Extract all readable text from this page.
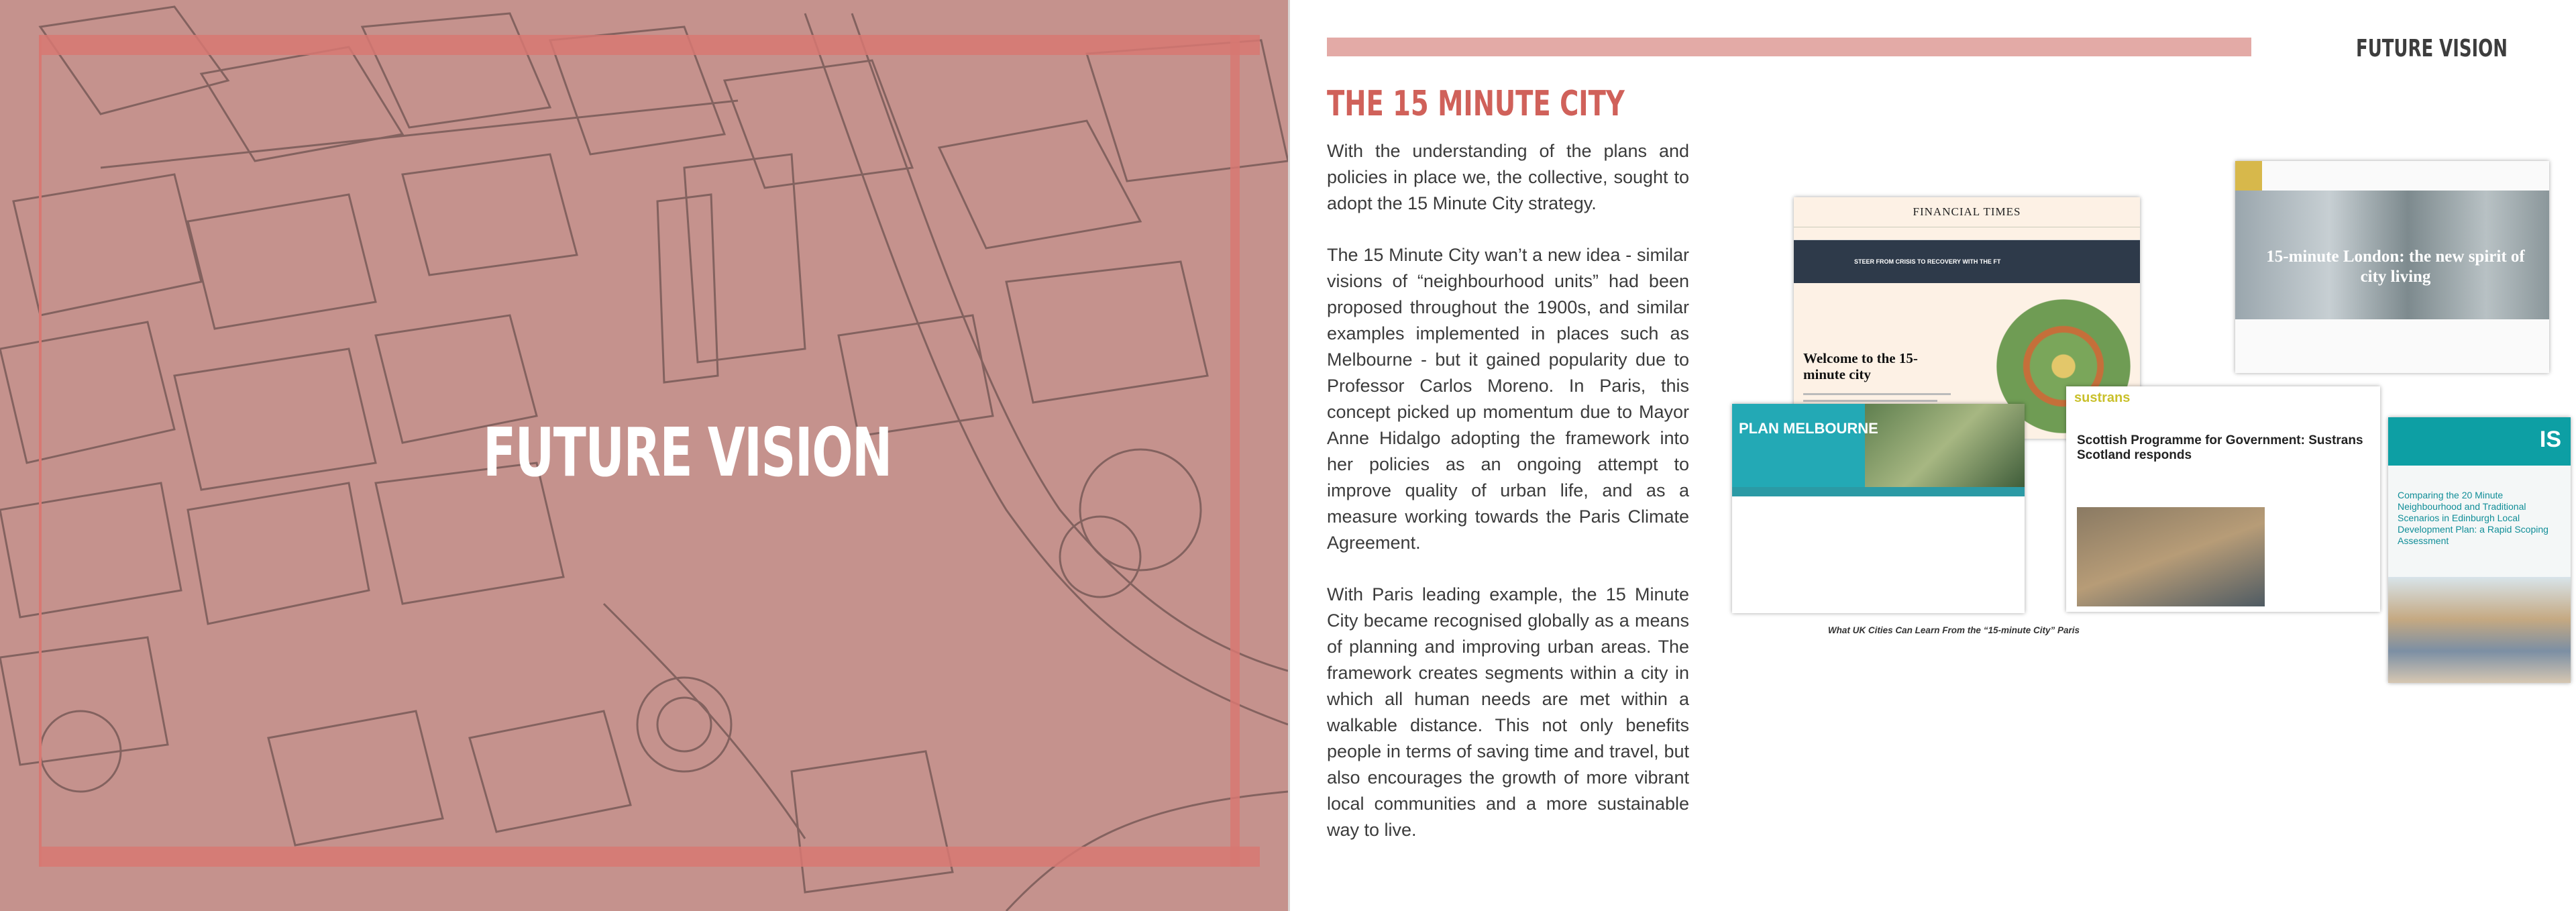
FUTURE VISION
FUTURE VISION
THE 15 MINUTE CITY

With the understanding of the plans and policies in place we, the collective, sought to adopt the 15 Minute City strategy.

The 15 Minute City wan’t a new idea - similar visions of “neighbourhood units” had been proposed throughout the 1900s, and similar examples implemented in places such as Melbourne - but it gained popularity due to Professor Carlos Moreno. In Paris, this concept picked up momentum due to Mayor Anne Hidalgo adopting the framework into her policies as an ongoing attempt to improve quality of urban life, and as a measure working towards the Paris Climate Agreement.

With Paris leading example, the 15 Minute City became recognised globally as a means of planning and improving urban areas. The framework creates segments within a city in which all human needs are met within a walkable distance. This not only benefits people in terms of saving time and travel, but also encourages the growth of more vibrant local communities and a more sustainable way to live.

FINANCIAL TIMES
STEER FROM CRISIS TO RECOVERY WITH THE FT
Welcome to the 15-minute city
15-minute London: the new spirit of city living
PLAN MELBOURNE
sustrans
Scottish Programme for Government: Sustrans Scotland responds
IS
Comparing the 20 Minute Neighbourhood and Traditional Scenarios in Edinburgh Local Development Plan: a Rapid Scoping Assessment

What UK Cities Can Learn From the “15-minute City” Paris
